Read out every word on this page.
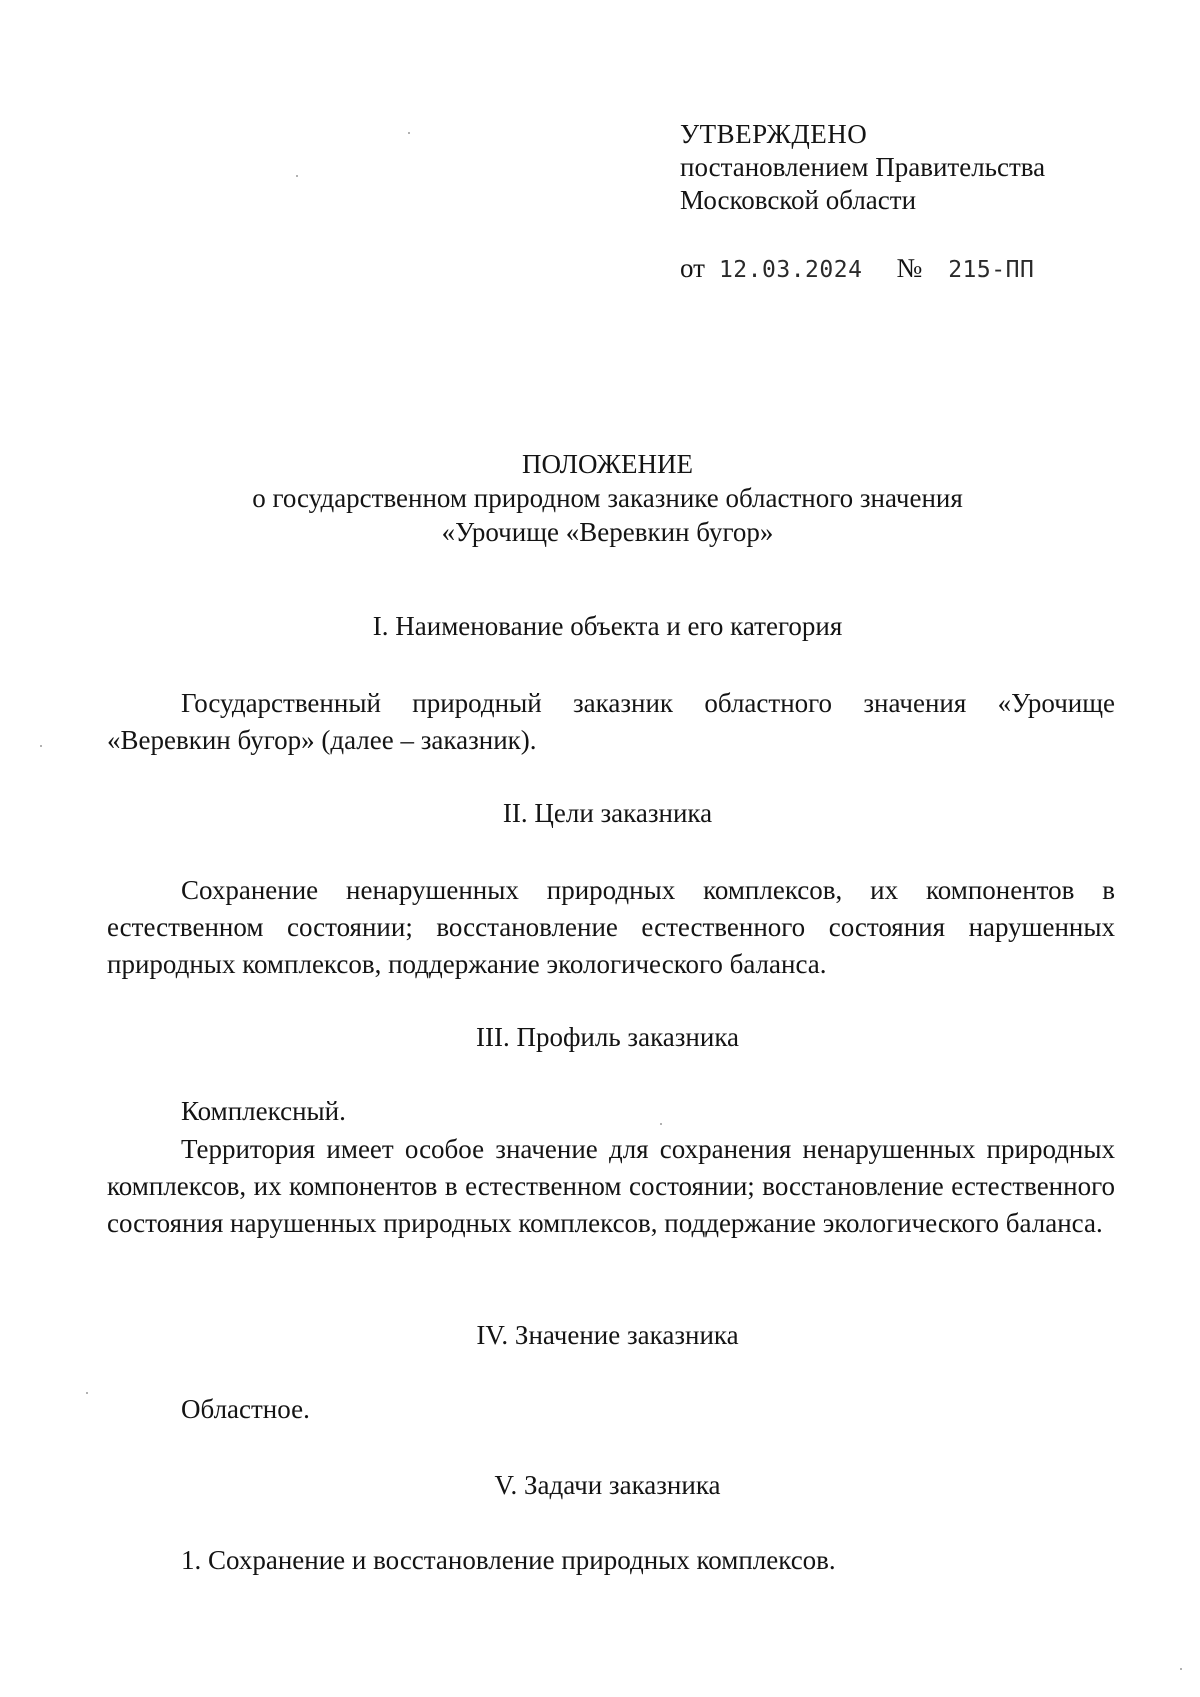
УТВЕРЖДЕНО
постановлением Правительства
Московской области
от 12.03.2024 № 215-ПП
ПОЛОЖЕНИЕ
о государственном природном заказнике областного значения
«Урочище «Веревкин бугор»
I. Наименование объекта и его категория
Государственный природный заказник областного значения «Урочище «Веревкин бугор» (далее – заказник).
II. Цели заказника
Сохранение ненарушенных природных комплексов, их компонентов в естественном состоянии; восстановление естественного состояния нарушенных природных комплексов, поддержание экологического баланса.
III. Профиль заказника
Комплексный.
Территория имеет особое значение для сохранения ненарушенных природных комплексов, их компонентов в естественном состоянии; восстановление естественного состояния нарушенных природных комплексов, поддержание экологического баланса.
IV. Значение заказника
Областное.
V. Задачи заказника
1. Сохранение и восстановление природных комплексов.
